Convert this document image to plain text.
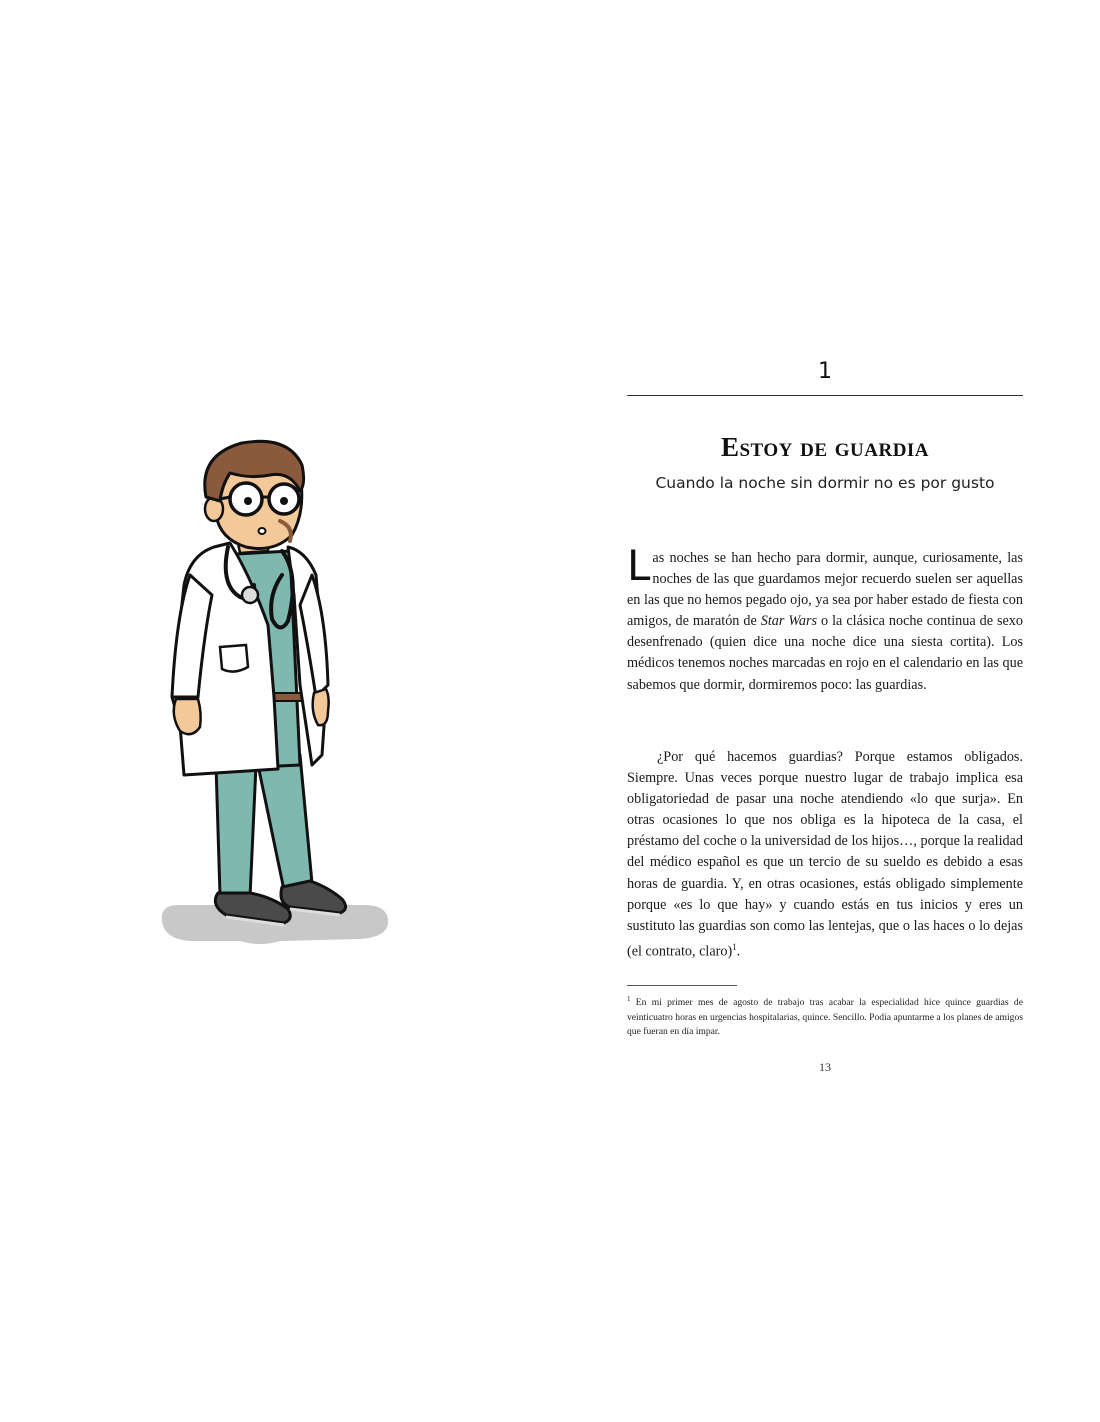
1
Estoy de guardia
Cuando la noche sin dormir no es por gusto

Las noches se han hecho para dormir, aunque, curiosamente, las noches de las que guardamos mejor recuerdo suelen ser aquellas en las que no hemos pegado ojo, ya sea por haber estado de fiesta con amigos, de maratón de Star Wars o la clásica noche continua de sexo desenfrenado (quien dice una noche dice una siesta cortita). Los médicos tenemos noches marcadas en rojo en el calendario en las que sabemos que dormir, dormiremos poco: las guardias.

¿Por qué hacemos guardias? Porque estamos obligados. Siempre. Unas veces porque nuestro lugar de trabajo implica esa obligatoriedad de pasar una noche atendiendo «lo que surja». En otras ocasiones lo que nos obliga es la hipoteca de la casa, el préstamo del coche o la universidad de los hijos…, porque la realidad del médico español es que un tercio de su sueldo es debido a esas horas de guardia. Y, en otras ocasiones, estás obligado simplemente porque «es lo que hay» y cuando estás en tus inicios y eres un sustituto las guardias son como las lentejas, que o las haces o lo dejas (el contrato, claro)$^1$.

$^1$ En mi primer mes de agosto de trabajo tras acabar la especialidad hice quince guardias de veinticuatro horas en urgencias hospitalarias, quince. Sencillo. Podía apuntarme a los planes de amigos que fueran en día impar.

13
